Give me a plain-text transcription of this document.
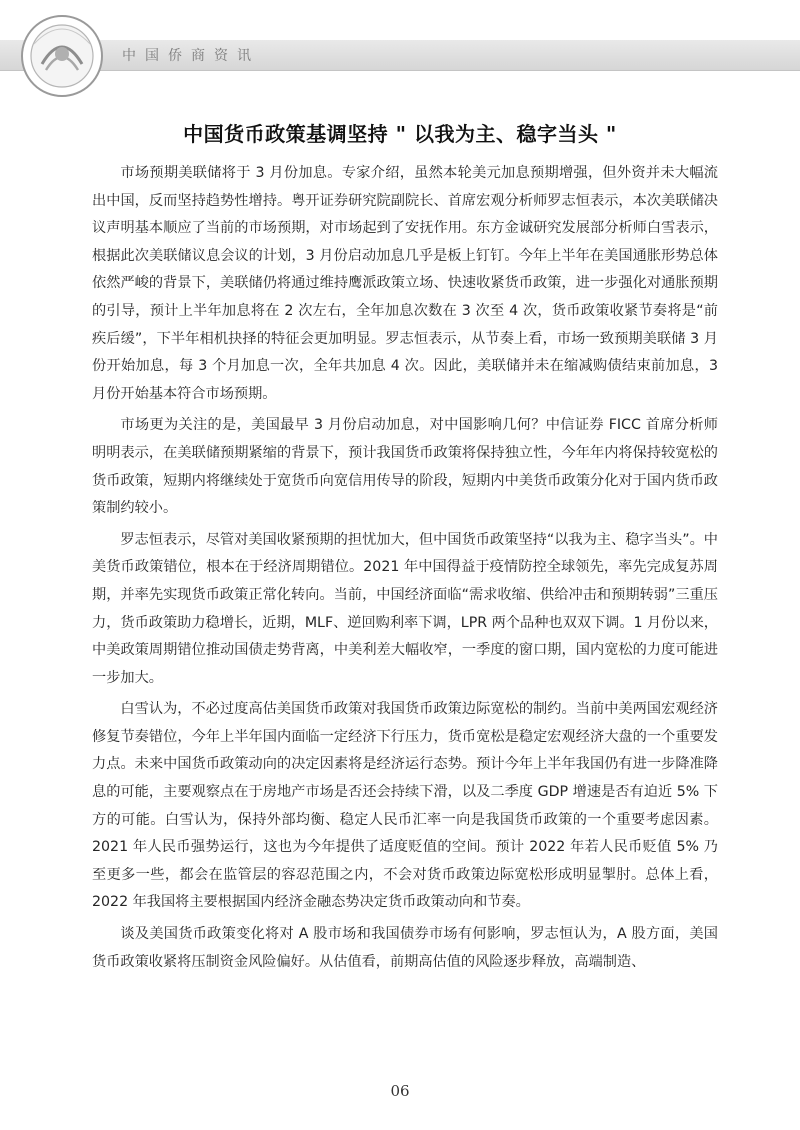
中国侨商资讯
中国货币政策基调坚持 " 以我为主、稳字当头 "

市场预期美联储将于 3 月份加息。专家介绍，虽然本轮美元加息预期增强，但外资并未大幅流出中国，反而坚持趋势性增持。粤开证券研究院副院长、首席宏观分析师罗志恒表示，本次美联储决议声明基本顺应了当前的市场预期，对市场起到了安抚作用。东方金诚研究发展部分析师白雪表示，根据此次美联储议息会议的计划，3 月份启动加息几乎是板上钉钉。今年上半年在美国通胀形势总体依然严峻的背景下，美联储仍将通过维持鹰派政策立场、快速收紧货币政策，进一步强化对通胀预期的引导，预计上半年加息将在 2 次左右，全年加息次数在 3 次至 4 次，货币政策收紧节奏将是“前疾后缓”，下半年相机抉择的特征会更加明显。罗志恒表示，从节奏上看，市场一致预期美联储 3 月份开始加息，每 3 个月加息一次，全年共加息 4 次。因此，美联储并未在缩减购债结束前加息，3 月份开始基本符合市场预期。

市场更为关注的是，美国最早 3 月份启动加息，对中国影响几何？中信证券 FICC 首席分析师明明表示，在美联储预期紧缩的背景下，预计我国货币政策将保持独立性，今年年内将保持较宽松的货币政策，短期内将继续处于宽货币向宽信用传导的阶段，短期内中美货币政策分化对于国内货币政策制约较小。

罗志恒表示，尽管对美国收紧预期的担忧加大，但中国货币政策坚持“以我为主、稳字当头”。中美货币政策错位，根本在于经济周期错位。2021 年中国得益于疫情防控全球领先，率先完成复苏周期，并率先实现货币政策正常化转向。当前，中国经济面临“需求收缩、供给冲击和预期转弱”三重压力，货币政策助力稳增长，近期，MLF、逆回购利率下调，LPR 两个品种也双双下调。1 月份以来，中美政策周期错位推动国债走势背离，中美利差大幅收窄，一季度的窗口期，国内宽松的力度可能进一步加大。

白雪认为，不必过度高估美国货币政策对我国货币政策边际宽松的制约。当前中美两国宏观经济修复节奏错位，今年上半年国内面临一定经济下行压力，货币宽松是稳定宏观经济大盘的一个重要发力点。未来中国货币政策动向的决定因素将是经济运行态势。预计今年上半年我国仍有进一步降准降息的可能，主要观察点在于房地产市场是否还会持续下滑，以及二季度 GDP 增速是否有迫近 5% 下方的可能。白雪认为，保持外部均衡、稳定人民币汇率一向是我国货币政策的一个重要考虑因素。2021 年人民币强势运行，这也为今年提供了适度贬值的空间。预计 2022 年若人民币贬值 5% 乃至更多一些，都会在监管层的容忍范围之内，不会对货币政策边际宽松形成明显掣肘。总体上看，2022 年我国将主要根据国内经济金融态势决定货币政策动向和节奏。

谈及美国货币政策变化将对 A 股市场和我国债券市场有何影响，罗志恒认为，A 股方面，美国货币政策收紧将压制资金风险偏好。从估值看，前期高估值的风险逐步释放，高端制造、

06
